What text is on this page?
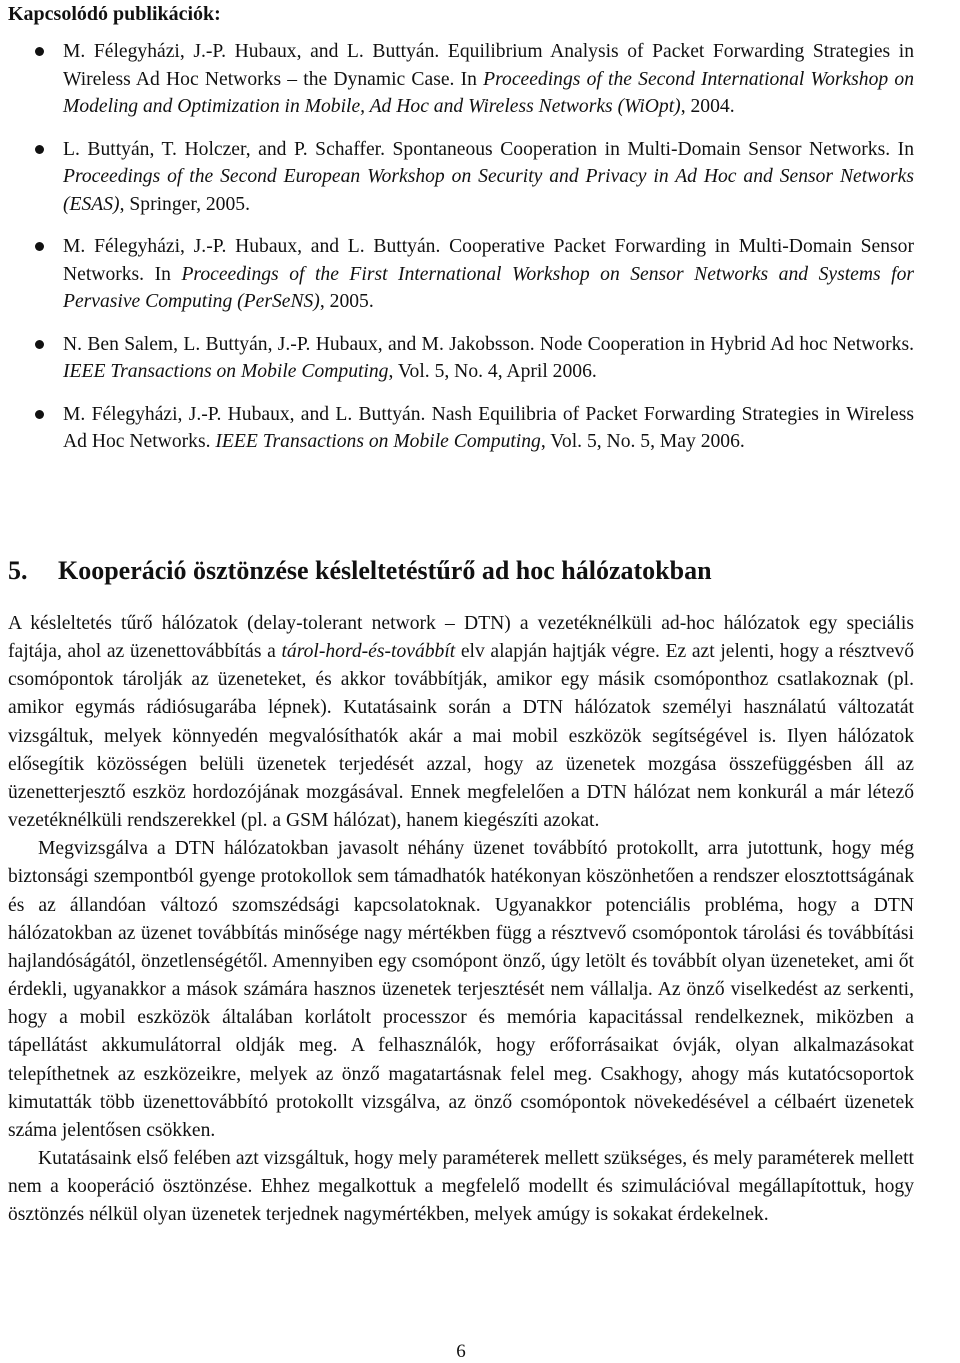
Kapcsolódó publikációk:
M. Félegyházi, J.-P. Hubaux, and L. Buttyán. Equilibrium Analysis of Packet Forwarding Strategies in Wireless Ad Hoc Networks – the Dynamic Case. In Proceedings of the Second International Workshop on Modeling and Optimization in Mobile, Ad Hoc and Wireless Networks (WiOpt), 2004.
L. Buttyán, T. Holczer, and P. Schaffer. Spontaneous Cooperation in Multi-Domain Sensor Networks. In Proceedings of the Second European Workshop on Security and Privacy in Ad Hoc and Sensor Networks (ESAS), Springer, 2005.
M. Félegyházi, J.-P. Hubaux, and L. Buttyán. Cooperative Packet Forwarding in Multi-Domain Sensor Networks. In Proceedings of the First International Workshop on Sensor Networks and Systems for Pervasive Computing (PerSeNS), 2005.
N. Ben Salem, L. Buttyán, J.-P. Hubaux, and M. Jakobsson. Node Cooperation in Hybrid Ad hoc Networks. IEEE Transactions on Mobile Computing, Vol. 5, No. 4, April 2006.
M. Félegyházi, J.-P. Hubaux, and L. Buttyán. Nash Equilibria of Packet Forwarding Strategies in Wireless Ad Hoc Networks. IEEE Transactions on Mobile Computing, Vol. 5, No. 5, May 2006.
5. Kooperáció ösztönzése késleltetéstűrő ad hoc hálózatokban

A késleltetés tűrő hálózatok (delay-tolerant network – DTN) a vezetéknélküli ad-hoc hálózatok egy speciális fajtája, ahol az üzenettovábbítás a tárol-hord-és-továbbít elv alapján hajtják végre. Ez azt jelenti, hogy a résztvevő csomópontok tárolják az üzeneteket, és akkor továbbítják, amikor egy másik csomóponthoz csatlakoznak (pl. amikor egymás rádiósugarába lépnek). Kutatásaink során a DTN hálózatok személyi használatú változatát vizsgáltuk, melyek könnyedén megvalósíthatók akár a mai mobil eszközök segítségével is. Ilyen hálózatok elősegítik közösségen belüli üzenetek terjedését azzal, hogy az üzenetek mozgása összefüggésben áll az üzenetterjesztő eszköz hordozójának mozgásával. Ennek megfelelően a DTN hálózat nem konkurál a már létező vezetéknélküli rendszerekkel (pl. a GSM hálózat), hanem kiegészíti azokat.

Megvizsgálva a DTN hálózatokban javasolt néhány üzenet továbbító protokollt, arra jutottunk, hogy még biztonsági szempontból gyenge protokollok sem támadhatók hatékonyan köszönhetően a rendszer elosztottságának és az állandóan változó szomszédsági kapcsolatoknak. Ugyanakkor potenciális probléma, hogy a DTN hálózatokban az üzenet továbbítás minősége nagy mértékben függ a résztvevő csomópontok tárolási és továbbítási hajlandóságától, önzetlenségétől. Amennyiben egy csomópont önző, úgy letölt és továbbít olyan üzeneteket, ami őt érdekli, ugyanakkor a mások számára hasznos üzenetek terjesztését nem vállalja. Az önző viselkedést az serkenti, hogy a mobil eszközök általában korlátolt processzor és memória kapacitással rendelkeznek, miközben a tápellátást akkumulátorral oldják meg. A felhasználók, hogy erőforrásaikat óvják, olyan alkalmazásokat telepíthetnek az eszközeikre, melyek az önző magatartásnak felel meg. Csakhogy, ahogy más kutatócsoportok kimutatták több üzenettovábbító protokollt vizsgálva, az önző csomópontok növekedésével a célbaért üzenetek száma jelentősen csökken.

Kutatásaink első felében azt vizsgáltuk, hogy mely paraméterek mellett szükséges, és mely paraméterek mellett nem a kooperáció ösztönzése. Ehhez megalkottuk a megfelelő modellt és szimulációval megállapítottuk, hogy ösztönzés nélkül olyan üzenetek terjednek nagymértékben, melyek amúgy is sokakat érdekelnek.

6
